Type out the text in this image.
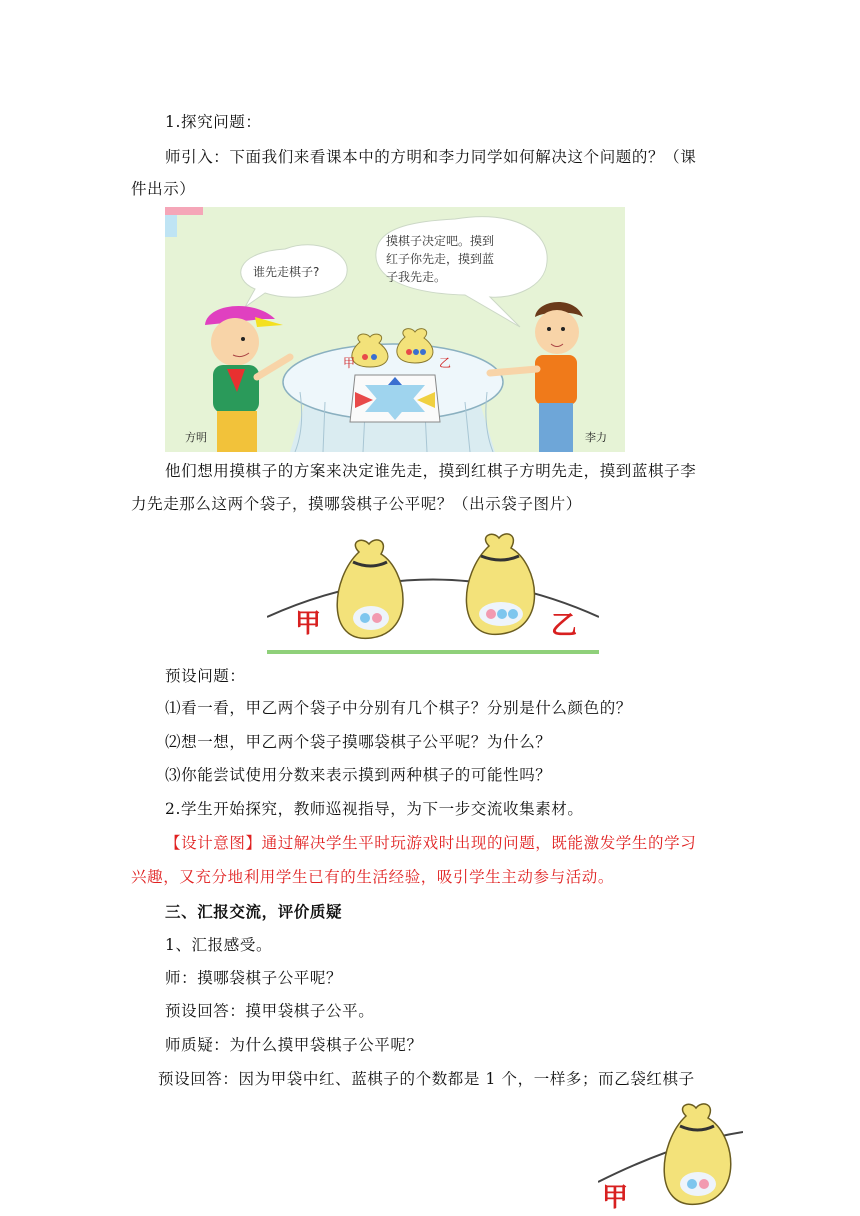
1.探究问题：
师引入：下面我们来看课本中的方明和李力同学如何解决这个问题的？（课
件出示）
谁先走棋子?
摸棋子决定吧。摸到
红子你先走，摸到蓝
子我先走。
甲	乙
方明	李力
他们想用摸棋子的方案来决定谁先走，摸到红棋子方明先走，摸到蓝棋子李
力先走那么这两个袋子，摸哪袋棋子公平呢？（出示袋子图片）
甲	乙
预设问题：
⑴看一看，甲乙两个袋子中分别有几个棋子？分别是什么颜色的？
⑵想一想，甲乙两个袋子摸哪袋棋子公平呢？为什么？
⑶你能尝试使用分数来表示摸到两种棋子的可能性吗？
2.学生开始探究，教师巡视指导，为下一步交流收集素材。
【设计意图】通过解决学生平时玩游戏时出现的问题，既能激发学生的学习
兴趣，又充分地利用学生已有的生活经验，吸引学生主动参与活动。
三、汇报交流，评价质疑
1、汇报感受。
师：摸哪袋棋子公平呢？
预设回答：摸甲袋棋子公平。
师质疑：为什么摸甲袋棋子公平呢？
预设回答：因为甲袋中红、蓝棋子的个数都是 1 个，一样多；而乙袋红棋子
甲
